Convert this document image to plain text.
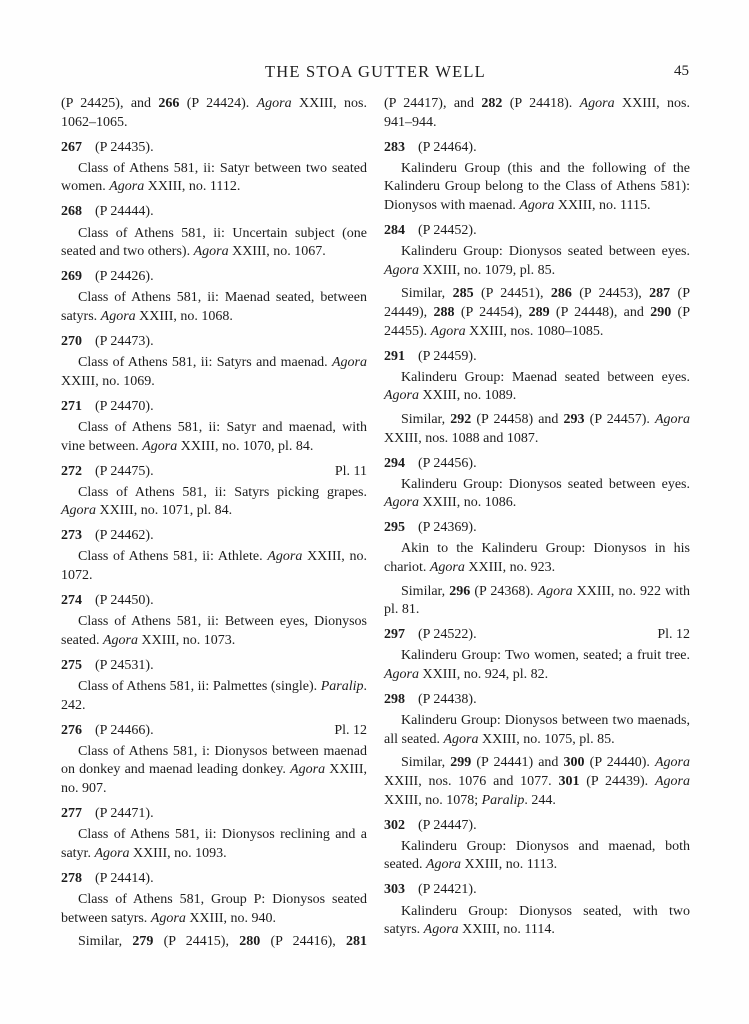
THE STOA GUTTER WELL	45

(P 24425), and 266 (P 24424). Agora XXIII, nos. 1062–1065.

267 (P 24435).

Class of Athens 581, ii: Satyr between two seated women. Agora XXIII, no. 1112.

268 (P 24444).

Class of Athens 581, ii: Uncertain subject (one seated and two others). Agora XXIII, no. 1067.

269 (P 24426).

Class of Athens 581, ii: Maenad seated, between satyrs. Agora XXIII, no. 1068.

270 (P 24473).

Class of Athens 581, ii: Satyrs and maenad. Agora XXIII, no. 1069.

271 (P 24470).

Class of Athens 581, ii: Satyr and maenad, with vine between. Agora XXIII, no. 1070, pl. 84.

272 (P 24475).	Pl. 11

Class of Athens 581, ii: Satyrs picking grapes. Agora XXIII, no. 1071, pl. 84.

273 (P 24462).

Class of Athens 581, ii: Athlete. Agora XXIII, no. 1072.

274 (P 24450).

Class of Athens 581, ii: Between eyes, Dionysos seated. Agora XXIII, no. 1073.

275 (P 24531).

Class of Athens 581, ii: Palmettes (single). Paralip. 242.

276 (P 24466).	Pl. 12

Class of Athens 581, i: Dionysos between maenad on donkey and maenad leading donkey. Agora XXIII, no. 907.

277 (P 24471).

Class of Athens 581, ii: Dionysos reclining and a satyr. Agora XXIII, no. 1093.

278 (P 24414).

Class of Athens 581, Group P: Dionysos seated between satyrs. Agora XXIII, no. 940.

Similar, 279 (P 24415), 280 (P 24416), 281

(P 24417), and 282 (P 24418). Agora XXIII, nos. 941–944.

283 (P 24464).

Kalinderu Group (this and the following of the Kalinderu Group belong to the Class of Athens 581): Dionysos with maenad. Agora XXIII, no. 1115.

284 (P 24452).

Kalinderu Group: Dionysos seated between eyes. Agora XXIII, no. 1079, pl. 85.

Similar, 285 (P 24451), 286 (P 24453), 287 (P 24449), 288 (P 24454), 289 (P 24448), and 290 (P 24455). Agora XXIII, nos. 1080–1085.

291 (P 24459).

Kalinderu Group: Maenad seated between eyes. Agora XXIII, no. 1089.

Similar, 292 (P 24458) and 293 (P 24457). Agora XXIII, nos. 1088 and 1087.

294 (P 24456).

Kalinderu Group: Dionysos seated between eyes. Agora XXIII, no. 1086.

295 (P 24369).

Akin to the Kalinderu Group: Dionysos in his chariot. Agora XXIII, no. 923.

Similar, 296 (P 24368). Agora XXIII, no. 922 with pl. 81.

297 (P 24522).	Pl. 12

Kalinderu Group: Two women, seated; a fruit tree. Agora XXIII, no. 924, pl. 82.

298 (P 24438).

Kalinderu Group: Dionysos between two maenads, all seated. Agora XXIII, no. 1075, pl. 85.

Similar, 299 (P 24441) and 300 (P 24440). Agora XXIII, nos. 1076 and 1077. 301 (P 24439). Agora XXIII, no. 1078; Paralip. 244.

302 (P 24447).

Kalinderu Group: Dionysos and maenad, both seated. Agora XXIII, no. 1113.

303 (P 24421).

Kalinderu Group: Dionysos seated, with two satyrs. Agora XXIII, no. 1114.
